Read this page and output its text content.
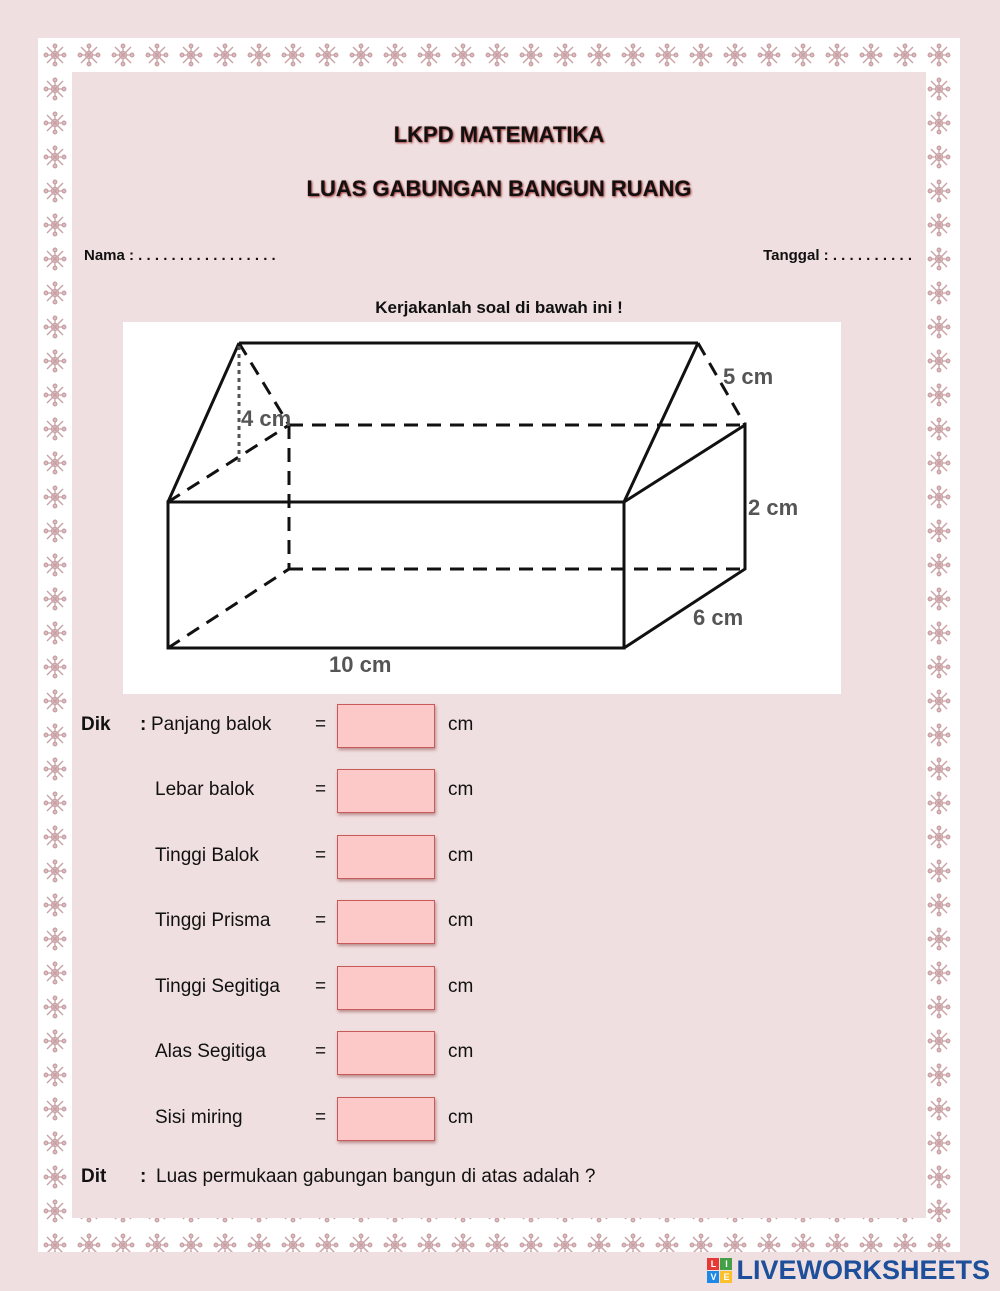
LKPD MATEMATIKA
LUAS GABUNGAN BANGUN RUANG
Nama : . . . . . . . . . . . . . . . . .	Tanggal : . . . . . . . . . .
Kerjakanlah soal di bawah ini !
4 cm
5 cm
2 cm
6 cm
10 cm
Dik : Panjang balok =	cm
Lebar balok	=	cm
Tinggi Balok	=	cm
Tinggi Prisma =	cm
Tinggi Segitiga =	cm
Alas Segitiga	=	cm
Sisi miring	=	cm
Dit : Luas permukaan gabungan bangun di atas adalah ?
L I
V E LIVEWORKSHEETS
